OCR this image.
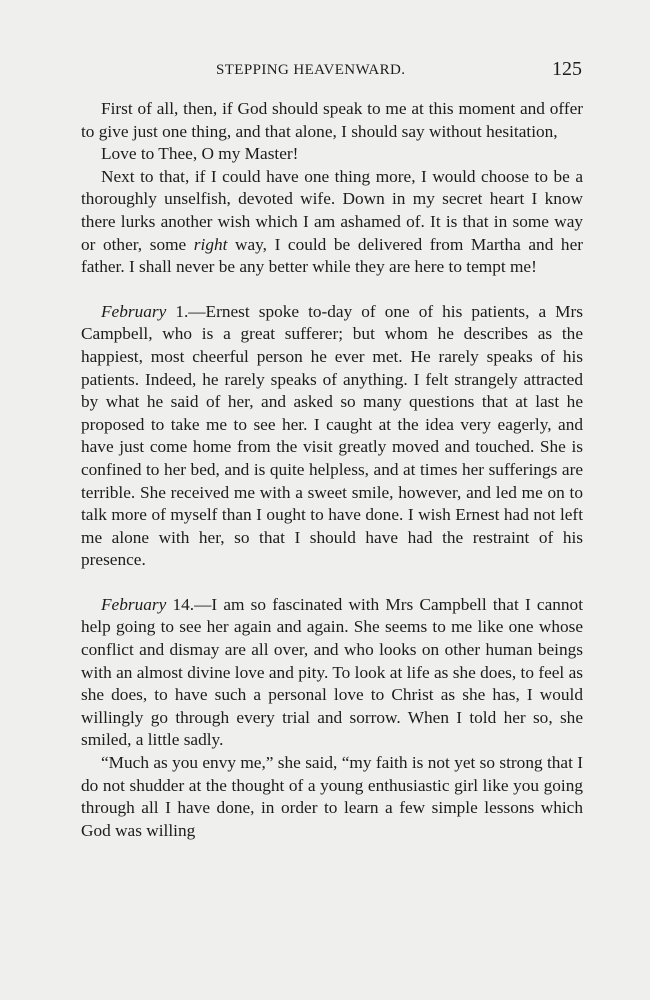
STEPPING HEAVENWARD.	125

First of all, then, if God should speak to me at this moment and offer to give just one thing, and that alone, I should say without hesitation,

Love to Thee, O my Master!

Next to that, if I could have one thing more, I would choose to be a thoroughly unselfish, devoted wife. Down in my secret heart I know there lurks another wish which I am ashamed of. It is that in some way or other, some right way, I could be delivered from Martha and her father. I shall never be any better while they are here to tempt me!

February 1.—Ernest spoke to-day of one of his patients, a Mrs Campbell, who is a great sufferer; but whom he describes as the happiest, most cheerful person he ever met. He rarely speaks of his patients. Indeed, he rarely speaks of anything. I felt strangely attracted by what he said of her, and asked so many questions that at last he proposed to take me to see her. I caught at the idea very eagerly, and have just come home from the visit greatly moved and touched. She is confined to her bed, and is quite helpless, and at times her sufferings are terrible. She received me with a sweet smile, however, and led me on to talk more of myself than I ought to have done. I wish Ernest had not left me alone with her, so that I should have had the restraint of his presence.

February 14.—I am so fascinated with Mrs Campbell that I cannot help going to see her again and again. She seems to me like one whose conflict and dismay are all over, and who looks on other human beings with an almost divine love and pity. To look at life as she does, to feel as she does, to have such a personal love to Christ as she has, I would willingly go through every trial and sorrow. When I told her so, she smiled, a little sadly.

“Much as you envy me,” she said, “my faith is not yet so strong that I do not shudder at the thought of a young enthusiastic girl like you going through all I have done, in order to learn a few simple lessons which God was willing
